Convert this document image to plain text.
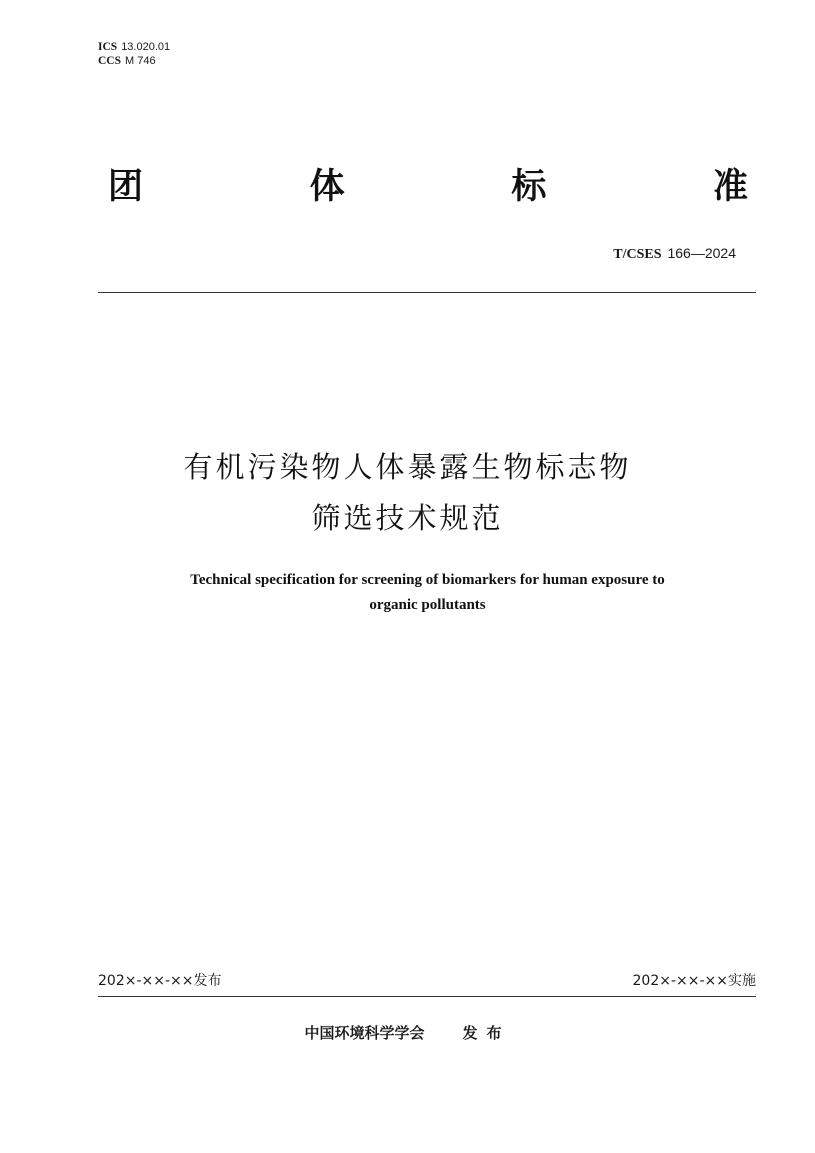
ICS 13.020.01
CCS M 746
团	体	标	准
T/CSES 166—2024
有机污染物人体暴露生物标志物
筛选技术规范
Technical specification for screening of biomarkers for human exposure to
organic pollutants
202×-××-××发布	202×-××-××实施
中国环境科学学会	发布
